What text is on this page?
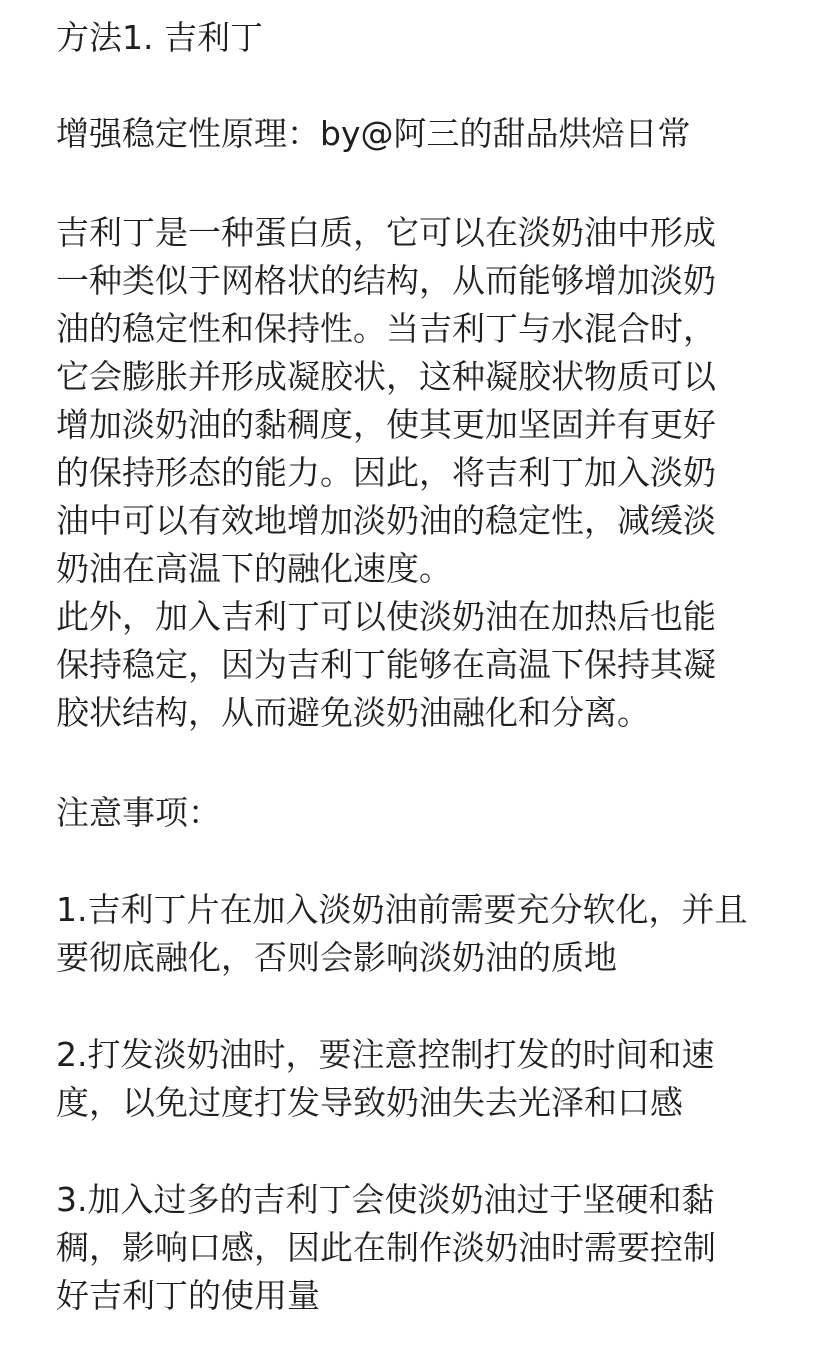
方法1. 吉利丁
增强稳定性原理：by@阿三的甜品烘焙日常
吉利丁是一种蛋白质，它可以在淡奶油中形成
一种类似于网格状的结构，从而能够增加淡奶
油的稳定性和保持性。当吉利丁与水混合时，
它会膨胀并形成凝胶状，这种凝胶状物质可以
增加淡奶油的黏稠度，使其更加坚固并有更好
的保持形态的能力。因此，将吉利丁加入淡奶
油中可以有效地增加淡奶油的稳定性，减缓淡
奶油在高温下的融化速度。
此外，加入吉利丁可以使淡奶油在加热后也能
保持稳定，因为吉利丁能够在高温下保持其凝
胶状结构，从而避免淡奶油融化和分离。
注意事项：
1.吉利丁片在加入淡奶油前需要充分软化，并且
要彻底融化，否则会影响淡奶油的质地
2.打发淡奶油时，要注意控制打发的时间和速
度，以免过度打发导致奶油失去光泽和口感
3.加入过多的吉利丁会使淡奶油过于坚硬和黏
稠，影响口感，因此在制作淡奶油时需要控制
好吉利丁的使用量
